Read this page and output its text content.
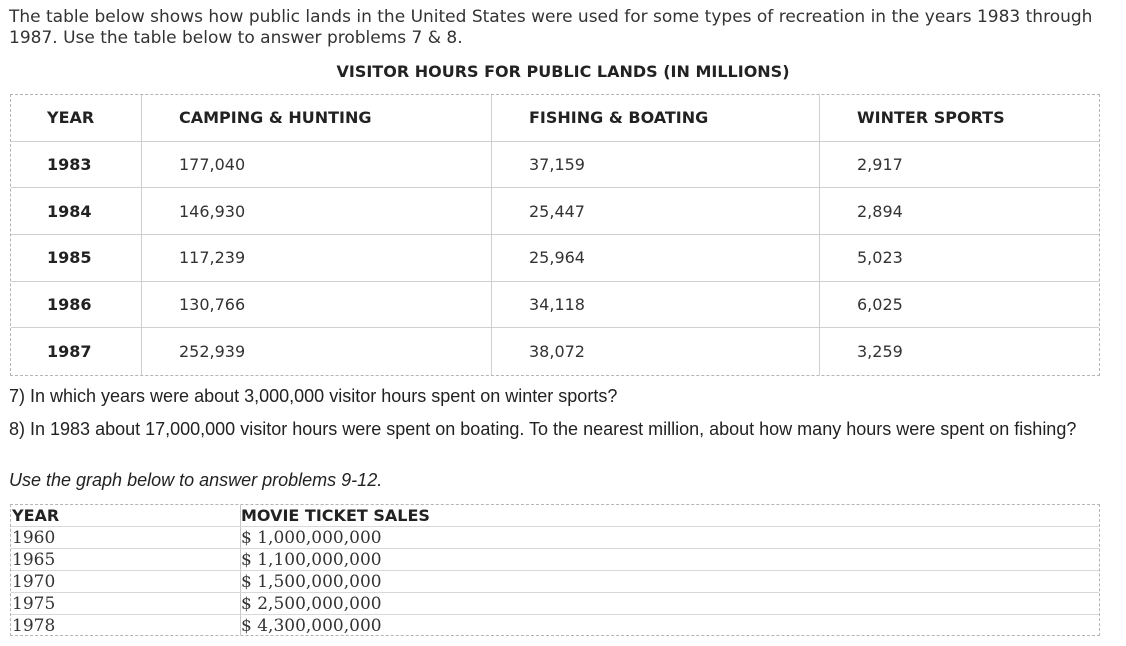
The table below shows how public lands in the United States were used for some types of recreation in the years 1983 through 1987. Use the table below to answer problems 7 & 8.
VISITOR HOURS FOR PUBLIC LANDS (IN MILLIONS)
YEAR	CAMPING & HUNTING	FISHING & BOATING	WINTER SPORTS
1983	177,040	37,159	2,917
1984	146,930	25,447	2,894
1985	117,239	25,964	5,023
1986	130,766	34,118	6,025
1987	252,939	38,072	3,259
7) In which years were about 3,000,000 visitor hours spent on winter sports?
8) In 1983 about 17,000,000 visitor hours were spent on boating. To the nearest million, about how many hours were spent on fishing?
Use the graph below to answer problems 9-12.
YEAR	MOVIE TICKET SALES
1960	$ 1,000,000,000
1965	$ 1,100,000,000
1970	$ 1,500,000,000
1975	$ 2,500,000,000
1978	$ 4,300,000,000
